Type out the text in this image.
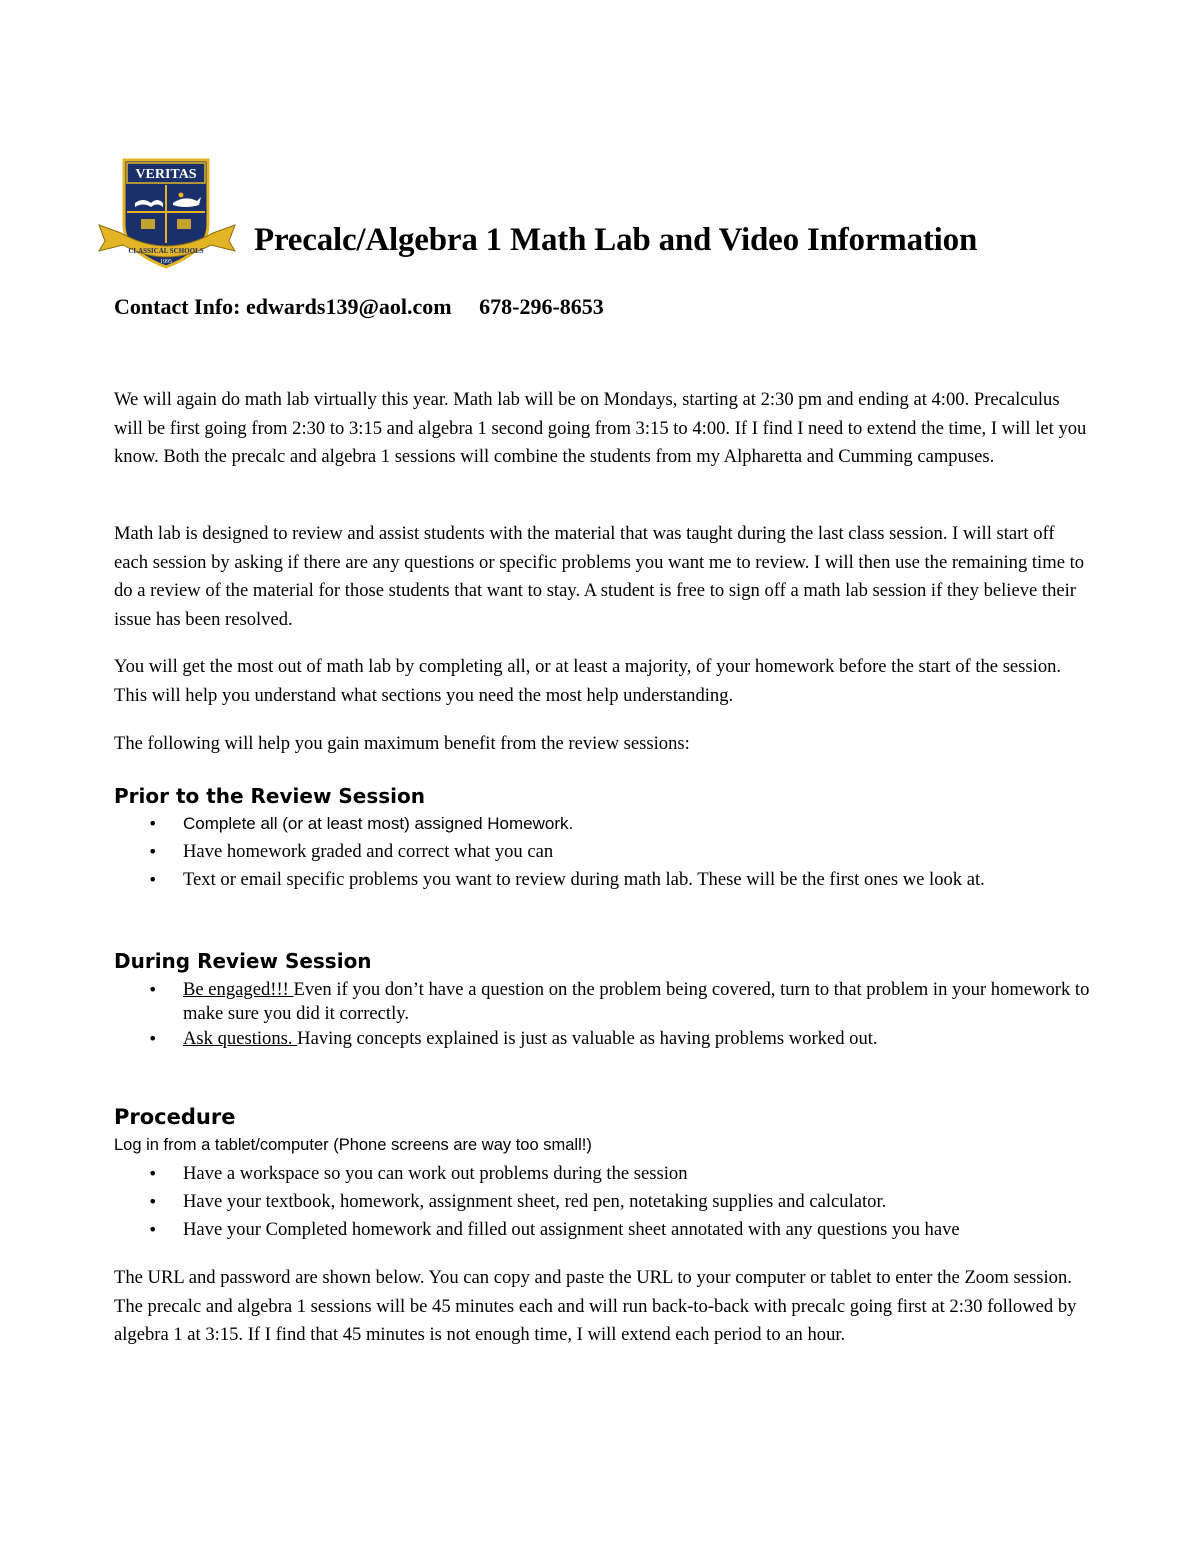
VERITAS
CLASSICAL SCHOOLS
1995
Precalc/Algebra 1 Math Lab and Video Information
Contact Info: edwards139@aol.com 678-296-8653

We will again do math lab virtually this year. Math lab will be on Mondays, starting at 2:30 pm and ending at 4:00. Precalculus will be first going from 2:30 to 3:15 and algebra 1 second going from 3:15 to 4:00. If I find I need to extend the time, I will let you know. Both the precalc and algebra 1 sessions will combine the students from my Alpharetta and Cumming campuses.

Math lab is designed to review and assist students with the material that was taught during the last class session. I will start off each session by asking if there are any questions or specific problems you want me to review. I will then use the remaining time to do a review of the material for those students that want to stay. A student is free to sign off a math lab session if they believe their issue has been resolved.

You will get the most out of math lab by completing all, or at least a majority, of your homework before the start of the session. This will help you understand what sections you need the most help understanding.

The following will help you gain maximum benefit from the review sessions:

Prior to the Review Session
• Complete all (or at least most) assigned Homework.
• Have homework graded and correct what you can
• Text or email specific problems you want to review during math lab. These will be the first ones we look at.
During Review Session
• Be engaged!!! Even if you don’t have a question on the problem being covered, turn to that problem in your homework to make sure you did it correctly.
• Ask questions. Having concepts explained is just as valuable as having problems worked out.
Procedure
Log in from a tablet/computer (Phone screens are way too small!)
• Have a workspace so you can work out problems during the session
• Have your textbook, homework, assignment sheet, red pen, notetaking supplies and calculator.
• Have your Completed homework and filled out assignment sheet annotated with any questions you have

The URL and password are shown below. You can copy and paste the URL to your computer or tablet to enter the Zoom session. The precalc and algebra 1 sessions will be 45 minutes each and will run back-to-back with precalc going first at 2:30 followed by algebra 1 at 3:15. If I find that 45 minutes is not enough time, I will extend each period to an hour.
